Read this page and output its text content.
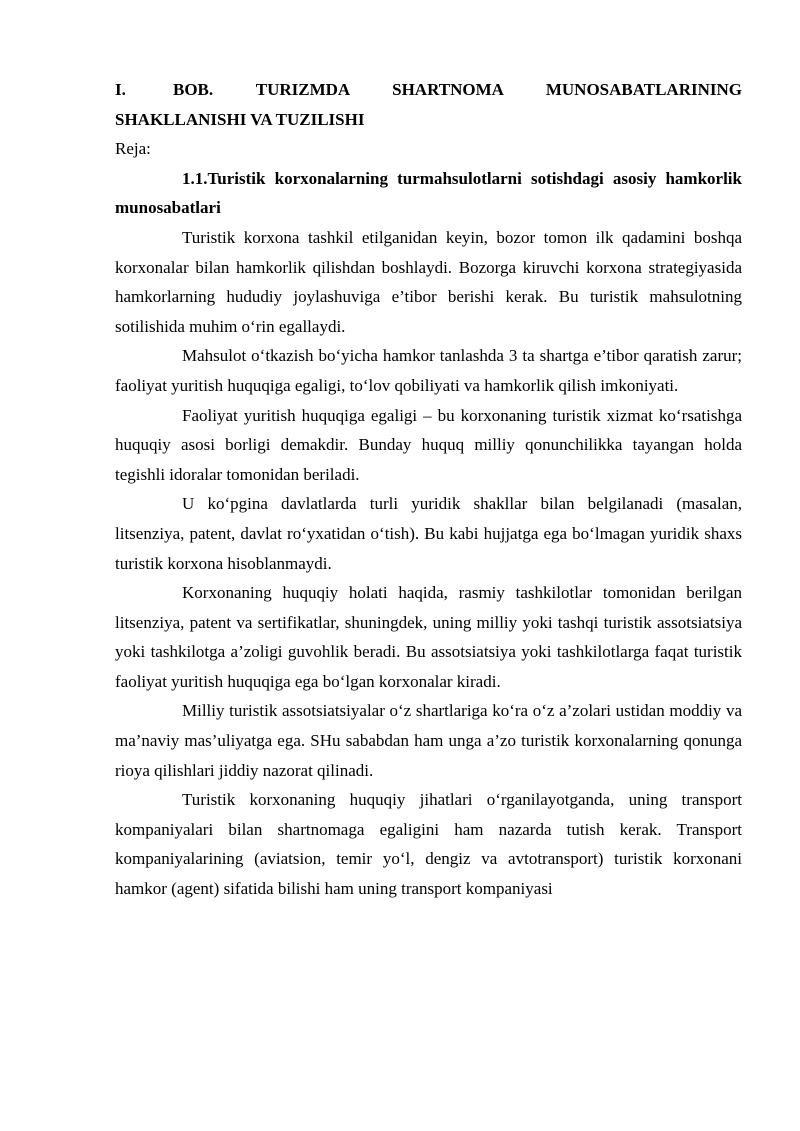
I.	BOB. TURIZMDA SHARTNOMA MUNOSABATLARINING SHAKLLANISHI VA TUZILISHI

Reja:

1.1.Turistik korxonalarning turmahsulotlarni sotishdagi asosiy hamkorlik munosabatlari

Turistik korxona tashkil etilganidan keyin, bozor tomon ilk qadamini boshqa korxonalar bilan hamkorlik qilishdan boshlaydi. Bozorga kiruvchi korxona strategiyasida hamkorlarning hududiy joylashuviga e’tibor berishi kerak. Bu turistik mahsulotning sotilishida muhim o‘rin egallaydi.

Mahsulot o‘tkazish bo‘yicha hamkor tanlashda 3 ta shartga e’tibor qaratish zarur; faoliyat yuritish huquqiga egaligi, to‘lov qobiliyati va hamkorlik qilish imkoniyati.

Faoliyat yuritish huquqiga egaligi – bu korxonaning turistik xizmat ko‘rsatishga huquqiy asosi borligi demakdir. Bunday huquq milliy qonunchilikka tayangan holda tegishli idoralar tomonidan beriladi.

U ko‘pgina davlatlarda turli yuridik shakllar bilan belgilanadi (masalan, litsenziya, patent, davlat ro‘yxatidan o‘tish). Bu kabi hujjatga ega bo‘lmagan yuridik shaxs turistik korxona hisoblanmaydi.

Korxonaning huquqiy holati haqida, rasmiy tashkilotlar tomonidan berilgan litsenziya, patent va sertifikatlar, shuningdek, uning milliy yoki tashqi turistik assotsiatsiya yoki tashkilotga a’zoligi guvohlik beradi. Bu assotsiatsiya yoki tashkilotlarga faqat turistik faoliyat yuritish huquqiga ega bo‘lgan korxonalar kiradi.

Milliy turistik assotsiatsiyalar o‘z shartlariga ko‘ra o‘z a’zolari ustidan moddiy va ma’naviy mas’uliyatga ega. SHu sababdan ham unga a’zo turistik korxonalarning qonunga rioya qilishlari jiddiy nazorat qilinadi.

Turistik korxonaning huquqiy jihatlari o‘rganilayotganda, uning transport kompaniyalari bilan shartnomaga egaligini ham nazarda tutish kerak. Transport kompaniyalarining (aviatsion, temir yo‘l, dengiz va avtotransport) turistik korxonani hamkor (agent) sifatida bilishi ham uning transport kompaniyasi
